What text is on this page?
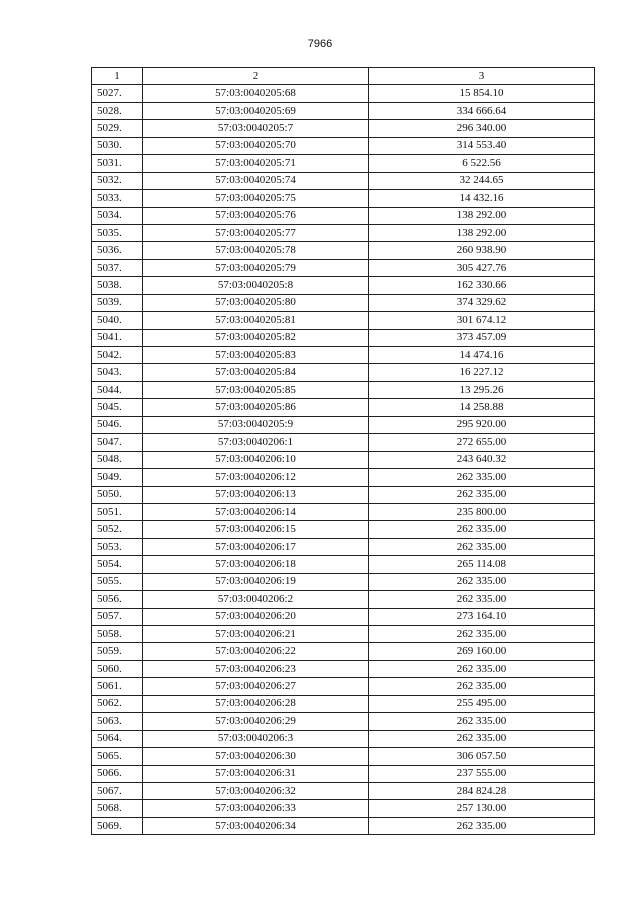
7966
1	2	3
5027.	57:03:0040205:68	15 854.10
5028.	57:03:0040205:69	334 666.64
5029.	57:03:0040205:7	296 340.00
5030.	57:03:0040205:70	314 553.40
5031.	57:03:0040205:71	6 522.56
5032.	57:03:0040205:74	32 244.65
5033.	57:03:0040205:75	14 432.16
5034.	57:03:0040205:76	138 292.00
5035.	57:03:0040205:77	138 292.00
5036.	57:03:0040205:78	260 938.90
5037.	57:03:0040205:79	305 427.76
5038.	57:03:0040205:8	162 330.66
5039.	57:03:0040205:80	374 329.62
5040.	57:03:0040205:81	301 674.12
5041.	57:03:0040205:82	373 457.09
5042.	57:03:0040205:83	14 474.16
5043.	57:03:0040205:84	16 227.12
5044.	57:03:0040205:85	13 295.26
5045.	57:03:0040205:86	14 258.88
5046.	57:03:0040205:9	295 920.00
5047.	57:03:0040206:1	272 655.00
5048.	57:03:0040206:10	243 640.32
5049.	57:03:0040206:12	262 335.00
5050.	57:03:0040206:13	262 335.00
5051.	57:03:0040206:14	235 800.00
5052.	57:03:0040206:15	262 335.00
5053.	57:03:0040206:17	262 335.00
5054.	57:03:0040206:18	265 114.08
5055.	57:03:0040206:19	262 335.00
5056.	57:03:0040206:2	262 335.00
5057.	57:03:0040206:20	273 164.10
5058.	57:03:0040206:21	262 335.00
5059.	57:03:0040206:22	269 160.00
5060.	57:03:0040206:23	262 335.00
5061.	57:03:0040206:27	262 335.00
5062.	57:03:0040206:28	255 495.00
5063.	57:03:0040206:29	262 335.00
5064.	57:03:0040206:3	262 335.00
5065.	57:03:0040206:30	306 057.50
5066.	57:03:0040206:31	237 555.00
5067.	57:03:0040206:32	284 824.28
5068.	57:03:0040206:33	257 130.00
5069.	57:03:0040206:34	262 335.00
